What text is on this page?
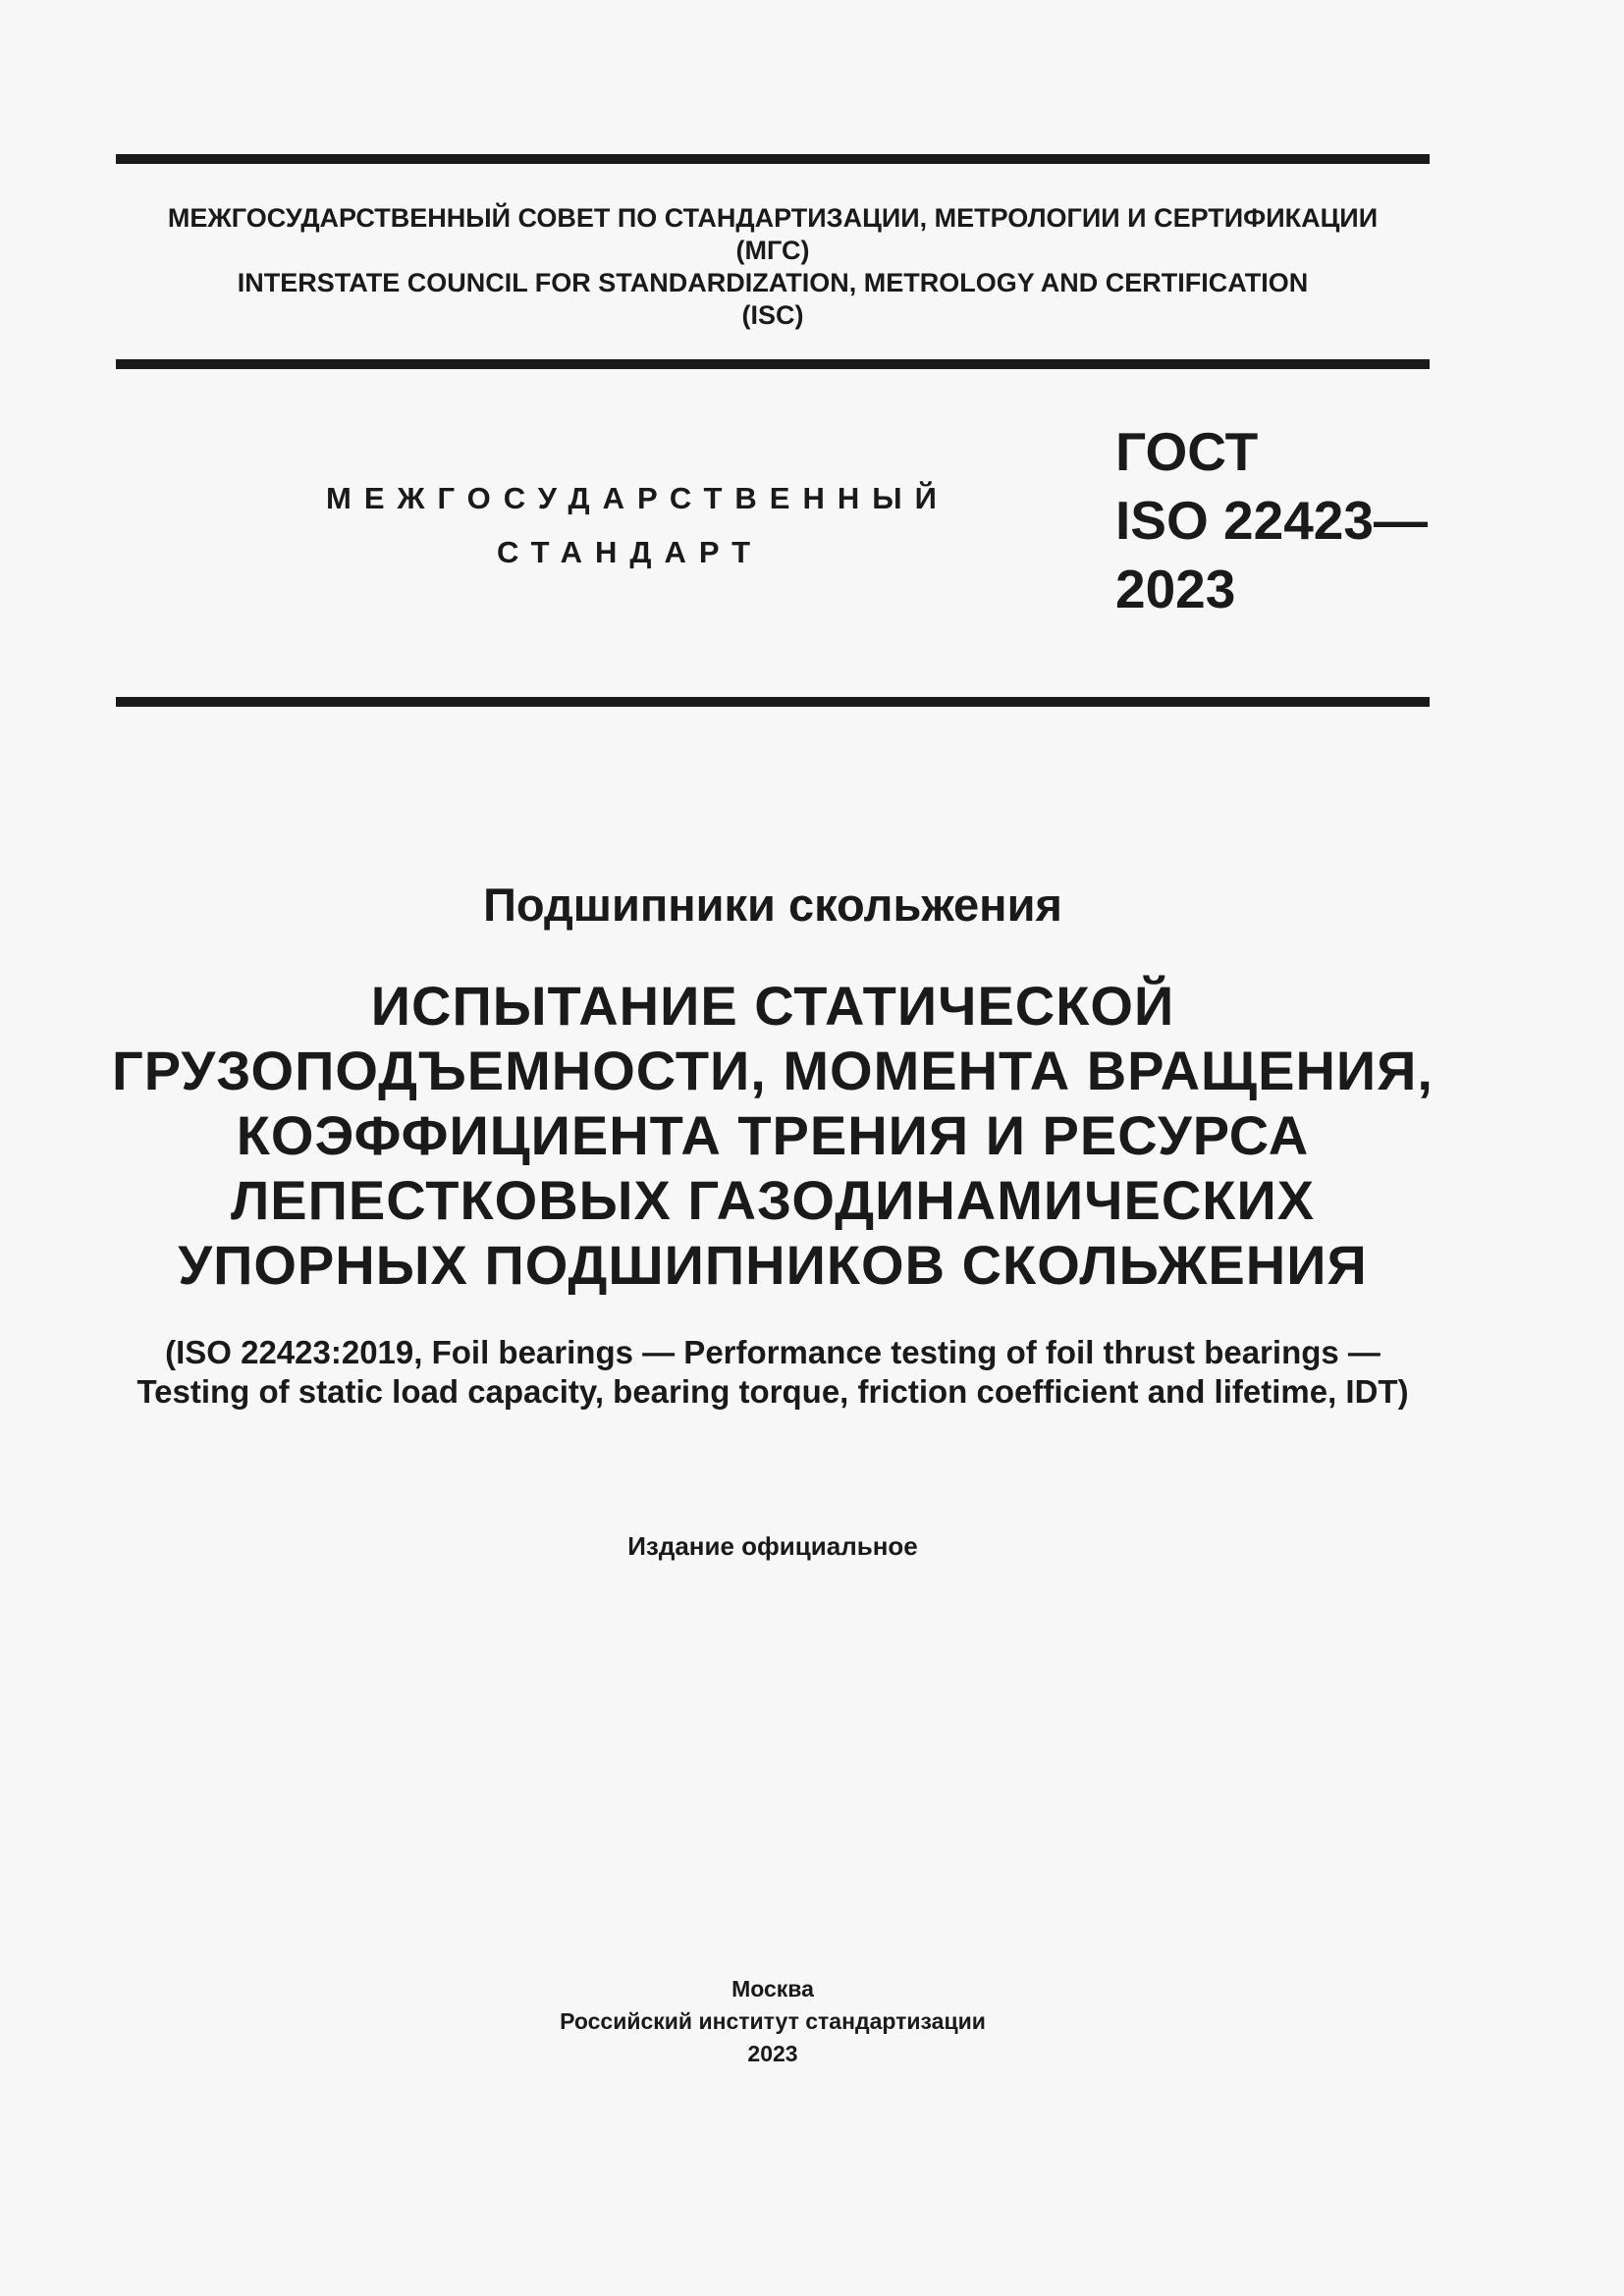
МЕЖГОСУДАРСТВЕННЫЙ СОВЕТ ПО СТАНДАРТИЗАЦИИ, МЕТРОЛОГИИ И СЕРТИФИКАЦИИ
(МГС)
INTERSTATE COUNCIL FOR STANDARDIZATION, METROLOGY AND CERTIFICATION
(ISC)
МЕЖГОСУДАРСТВЕННЫЙ
СТАНДАРТ
ГОСТ
ISO 22423—
2023
Подшипники скольжения
ИСПЫТАНИЕ СТАТИЧЕСКОЙ
ГРУЗОПОДЪЕМНОСТИ, МОМЕНТА ВРАЩЕНИЯ,
КОЭФФИЦИЕНТА ТРЕНИЯ И РЕСУРСА
ЛЕПЕСТКОВЫХ ГАЗОДИНАМИЧЕСКИХ
УПОРНЫХ ПОДШИПНИКОВ СКОЛЬЖЕНИЯ
(ISO 22423:2019, Foil bearings — Performance testing of foil thrust bearings —
Testing of static load capacity, bearing torque, friction coefficient and lifetime, IDT)
Издание официальное
Москва
Российский институт стандартизации
2023
